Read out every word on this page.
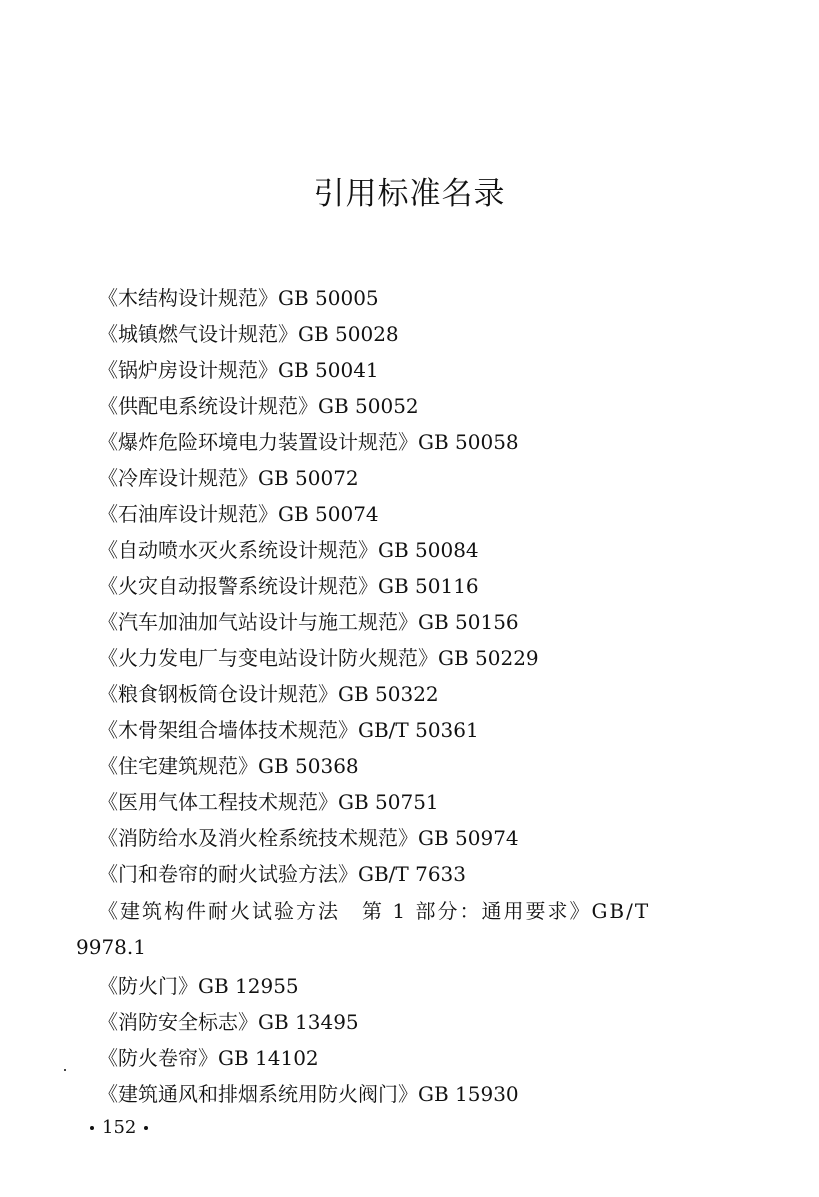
引用标准名录
《木结构设计规范》GB 50005
《城镇燃气设计规范》GB 50028
《锅炉房设计规范》GB 50041
《供配电系统设计规范》GB 50052
《爆炸危险环境电力装置设计规范》GB 50058
《冷库设计规范》GB 50072
《石油库设计规范》GB 50074
《自动喷水灭火系统设计规范》GB 50084
《火灾自动报警系统设计规范》GB 50116
《汽车加油加气站设计与施工规范》GB 50156
《火力发电厂与变电站设计防火规范》GB 50229
《粮食钢板筒仓设计规范》GB 50322
《木骨架组合墙体技术规范》GB/T 50361
《住宅建筑规范》GB 50368
《医用气体工程技术规范》GB 50751
《消防给水及消火栓系统技术规范》GB 50974
《门和卷帘的耐火试验方法》GB/T 7633
《建筑构件耐火试验方法　第 1 部分：通用要求》GB/T
9978.1
《防火门》GB 12955
《消防安全标志》GB 13495
《防火卷帘》GB 14102
《建筑通风和排烟系统用防火阀门》GB 15930
152
